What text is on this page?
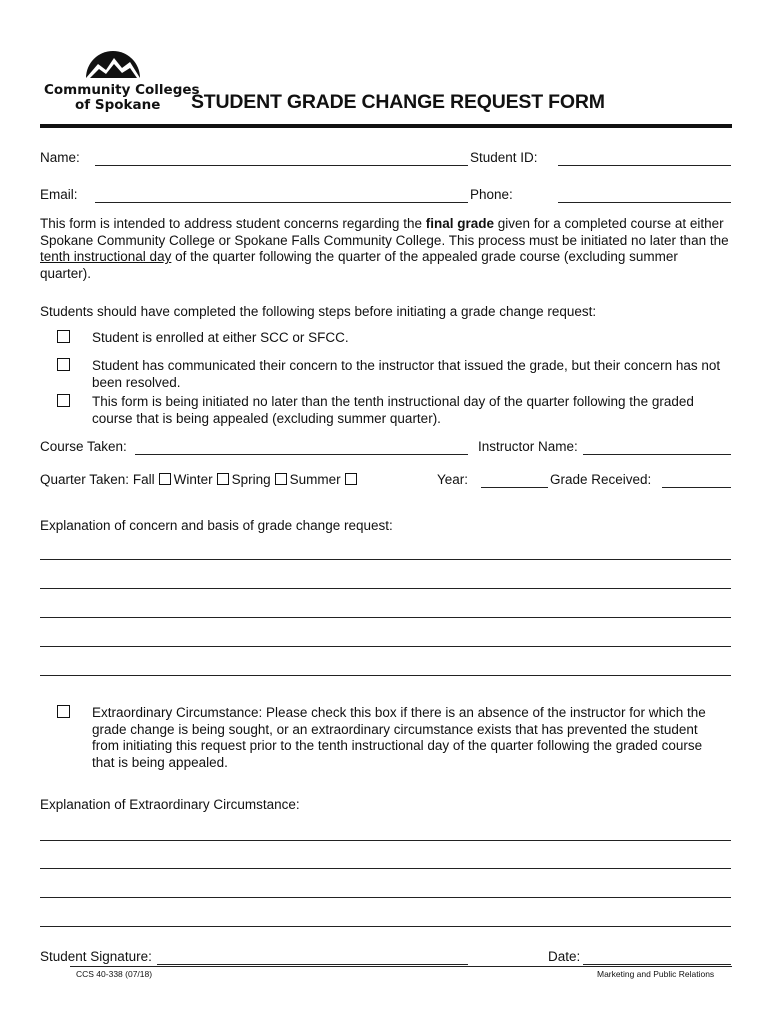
Community Colleges
of Spokane STUDENT GRADE CHANGE REQUEST FORM
Name:	Student ID:
Email:	Phone:
This form is intended to address student concerns regarding the final grade given for a completed course at either Spokane Community College or Spokane Falls Community College. This process must be initiated no later than the tenth instructional day of the quarter following the quarter of the appealed grade course (excluding summer quarter).
Students should have completed the following steps before initiating a grade change request:
Student is enrolled at either SCC or SFCC.
Student has communicated their concern to the instructor that issued the grade, but their concern has not been resolved.
This form is being initiated no later than the tenth instructional day of the quarter following the graded course that is being appealed (excluding summer quarter).
Course Taken:	Instructor Name:
Quarter Taken: Fall Winter Spring Summer	Year:	Grade Received:
Explanation of concern and basis of grade change request:
Extraordinary Circumstance: Please check this box if there is an absence of the instructor for which the grade change is being sought, or an extraordinary circumstance exists that has prevented the student from initiating this request prior to the tenth instructional day of the quarter following the graded course that is being appealed.
Explanation of Extraordinary Circumstance:
Student Signature:	Date:
CCS 40-338 (07/18)	Marketing and Public Relations
